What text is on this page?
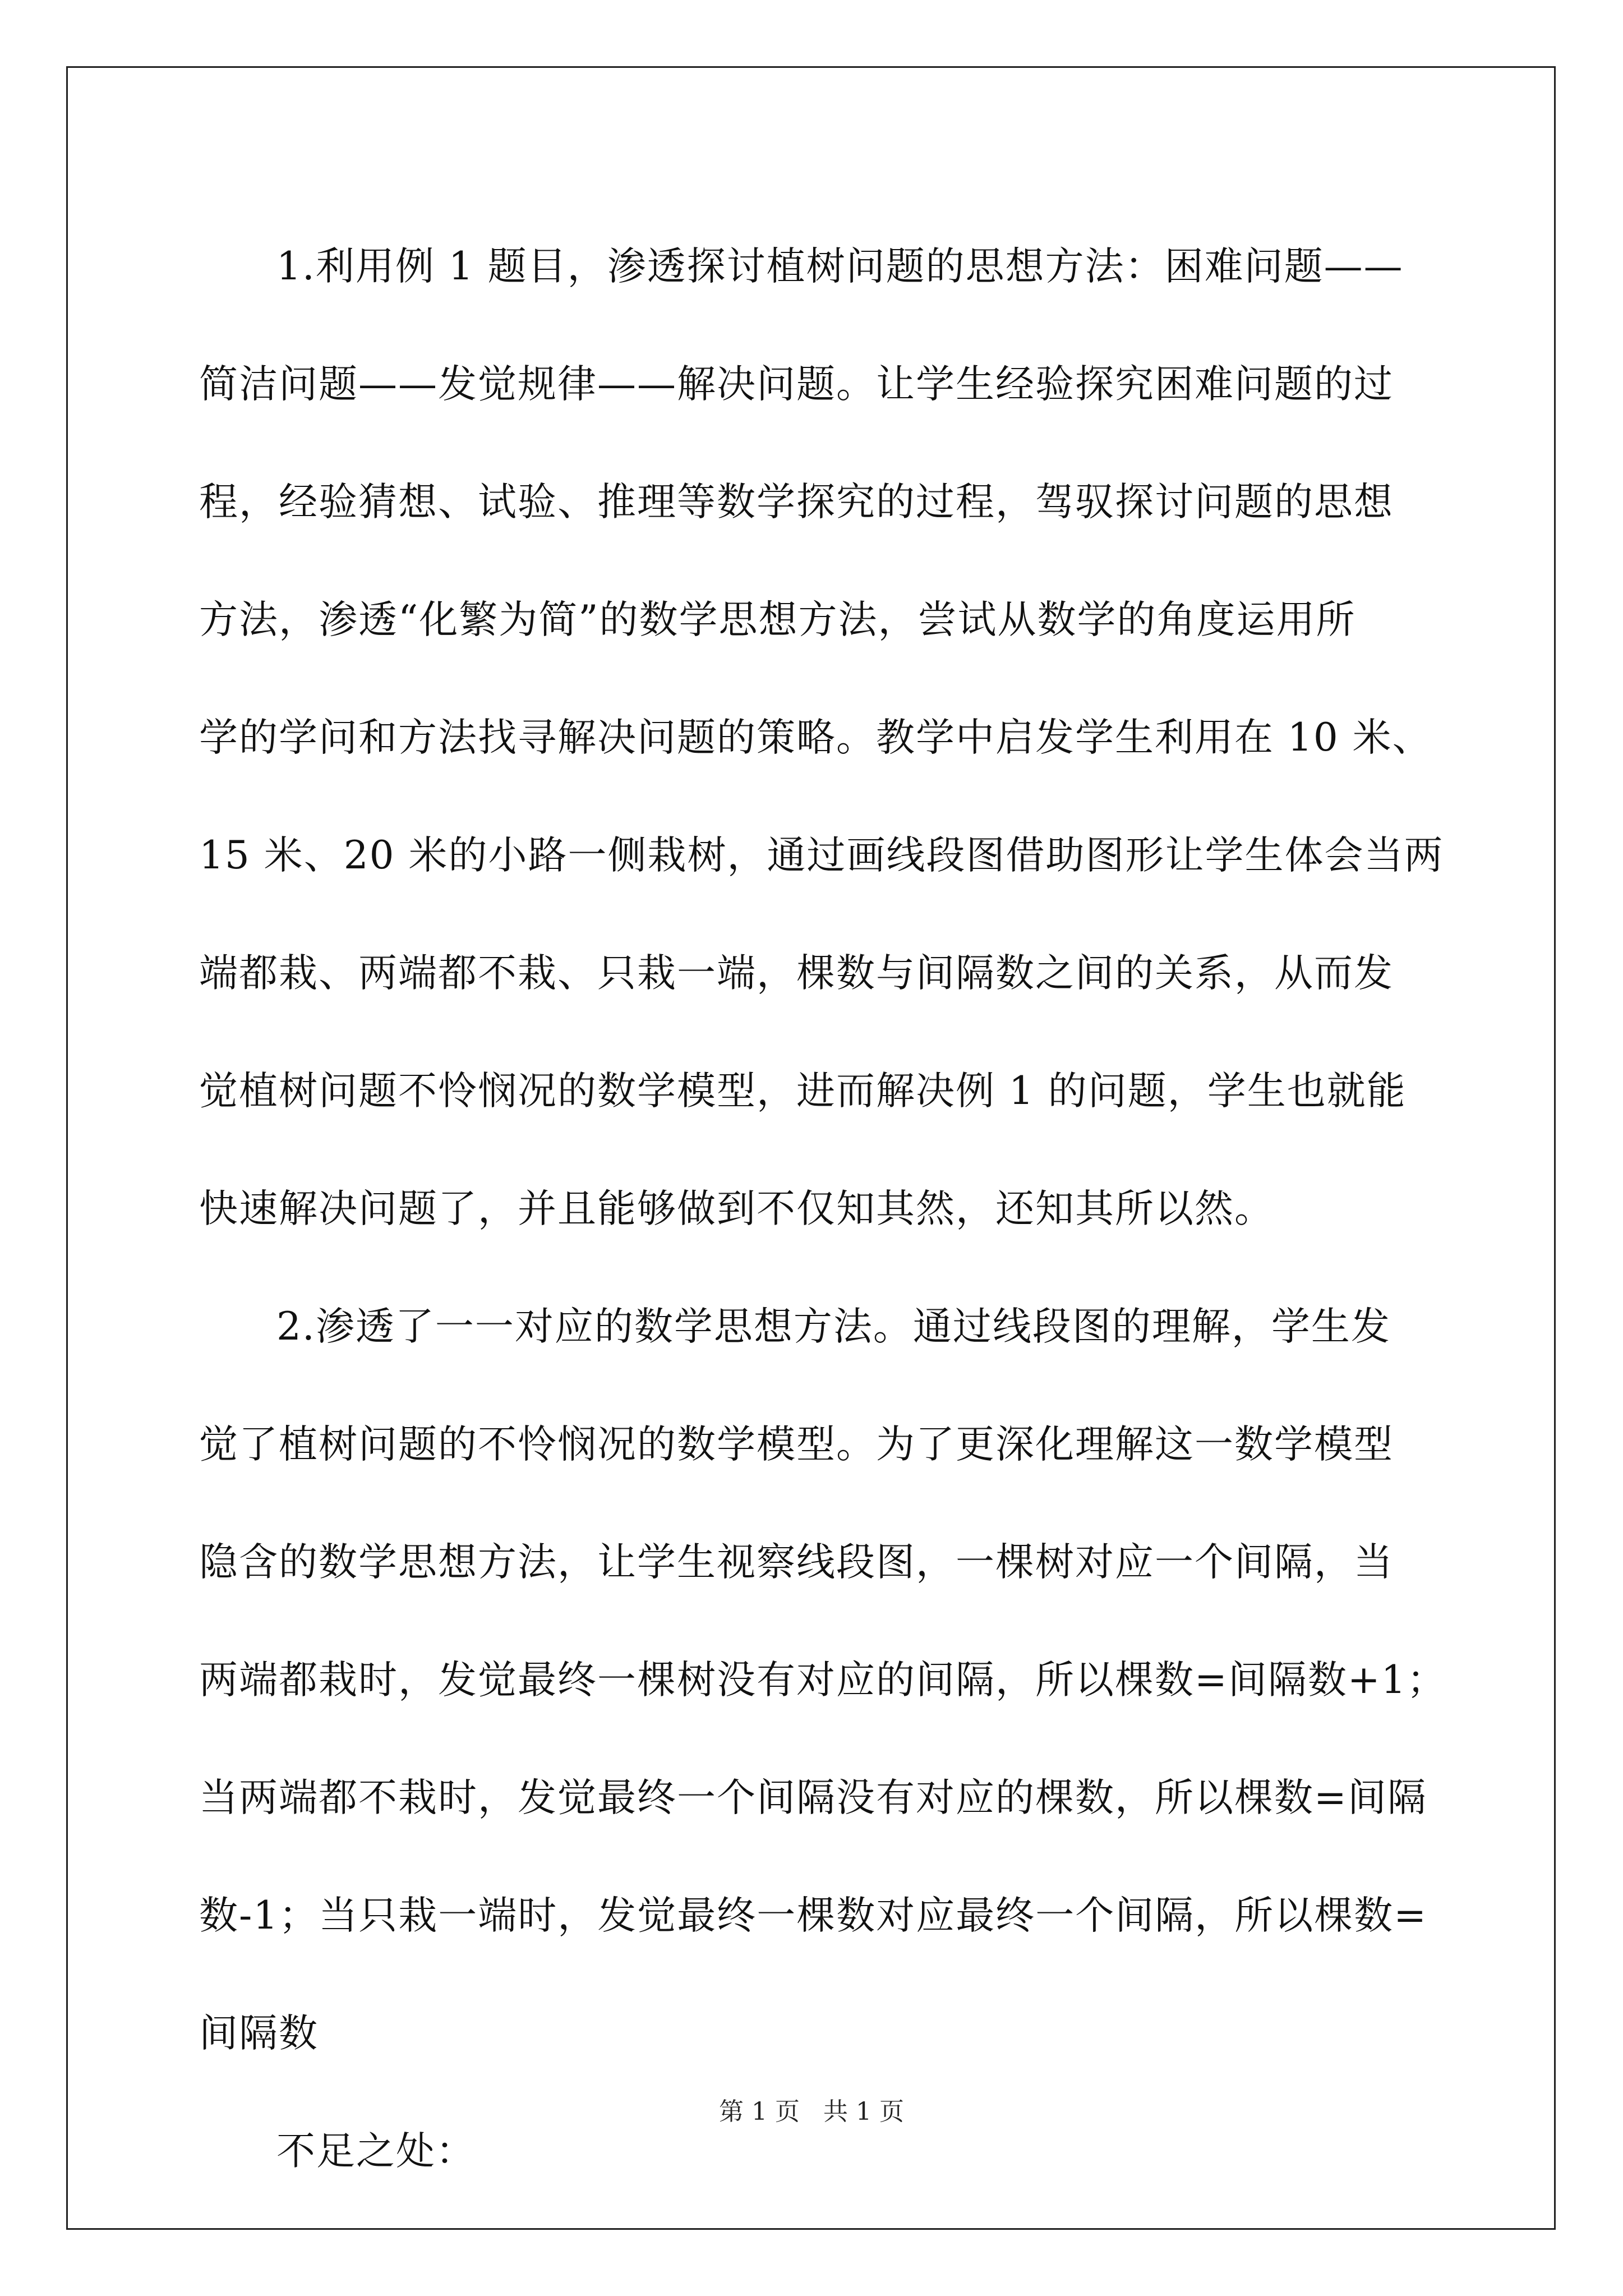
1.利用例 1 题目，渗透探讨植树问题的思想方法：困难问题——
简洁问题——发觉规律——解决问题。让学生经验探究困难问题的过
程，经验猜想、试验、推理等数学探究的过程，驾驭探讨问题的思想
方法，渗透“化繁为简”的数学思想方法，尝试从数学的角度运用所
学的学问和方法找寻解决问题的策略。教学中启发学生利用在 10 米、
15 米、20 米的小路一侧栽树，通过画线段图借助图形让学生体会当两
端都栽、两端都不栽、只栽一端，棵数与间隔数之间的关系，从而发
觉植树问题不怜悯况的数学模型，进而解决例 1 的问题，学生也就能
快速解决问题了，并且能够做到不仅知其然，还知其所以然。
2.渗透了一一对应的数学思想方法。通过线段图的理解，学生发
觉了植树问题的不怜悯况的数学模型。为了更深化理解这一数学模型
隐含的数学思想方法，让学生视察线段图，一棵树对应一个间隔，当
两端都栽时，发觉最终一棵树没有对应的间隔，所以棵数=间隔数+1；
当两端都不栽时，发觉最终一个间隔没有对应的棵数，所以棵数=间隔
数-1；当只栽一端时，发觉最终一棵数对应最终一个间隔，所以棵数=
间隔数
不足之处：
第 1 页 共 1 页
